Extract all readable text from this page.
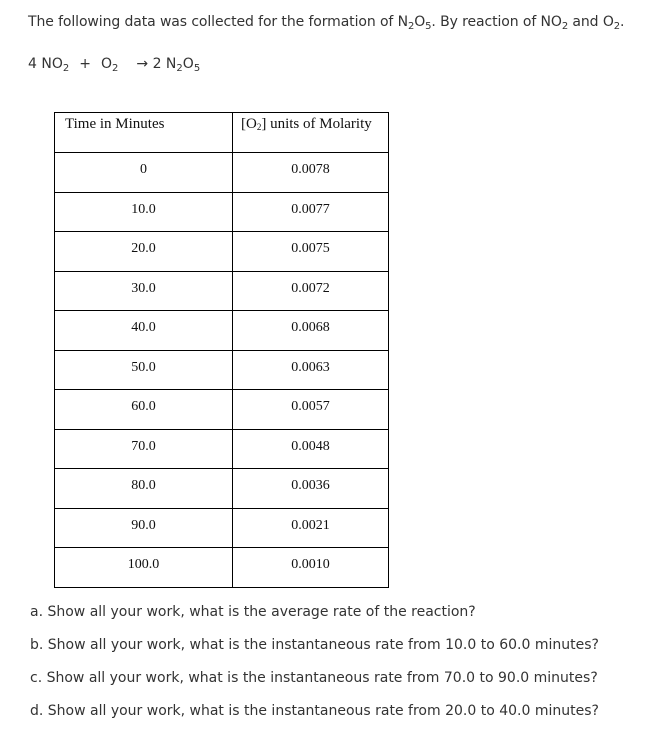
The following data was collected for the formation of $N_2O_5$. By reaction of $NO_2$ and $O_2$.
4 $NO_2 + O_2 \to 2$ $N_2O_5$
Time in Minutes	$[O_2]$ units of Molarity
0	0.0078
10.0	0.0077
20.0	0.0075
30.0	0.0072
40.0	0.0068
50.0	0.0063
60.0	0.0057
70.0	0.0048
80.0	0.0036
90.0	0.0021
100.0	0.0010
a. Show all your work, what is the average rate of the reaction?
b. Show all your work, what is the instantaneous rate from 10.0 to 60.0 minutes?
c. Show all your work, what is the instantaneous rate from 70.0 to 90.0 minutes?
d. Show all your work, what is the instantaneous rate from 20.0 to 40.0 minutes?
